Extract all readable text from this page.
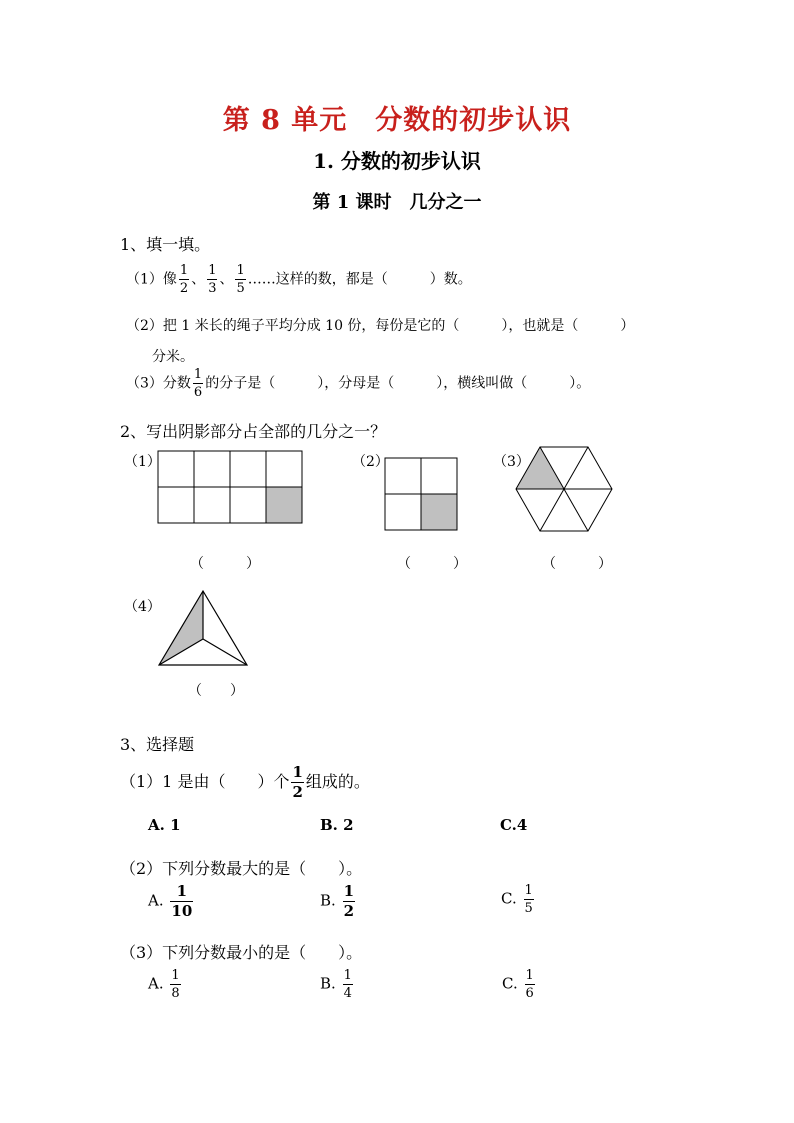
第 8 单元　分数的初步认识
1. 分数的初步认识
第 1 课时　几分之一
1、填一填。
（1）像 $\frac{1}{2}$ 、 $\frac{1}{3}$ 、 $\frac{1}{5}$ ……这样的数，都是（　　　）数。
（2）把 1 米长的绳子平均分成 10 份，每份是它的（　　　），也就是（　　　）
分米。
（3）分数 $\frac{1}{6}$ 的分子是（　　　），分母是（　　　），横线叫做（　　　）。
2、写出阴影部分占全部的几分之一？
（1）	（2）	（3）
（　　　）	（　　　）	（　　　）
（4）
（　　）
3、选择题
（1）1 是由（　　）个 $\frac{1}{2}$ 组成的。
A. 1	B. 2	C.4
（2）下列分数最大的是（　　）。
A. $\frac{1}{10}$	B. $\frac{1}{2}$	C. $\frac{1}{5}$
（3）下列分数最小的是（　　）。
A. $\frac{1}{8}$	B. $\frac{1}{4}$	C. $\frac{1}{6}$
